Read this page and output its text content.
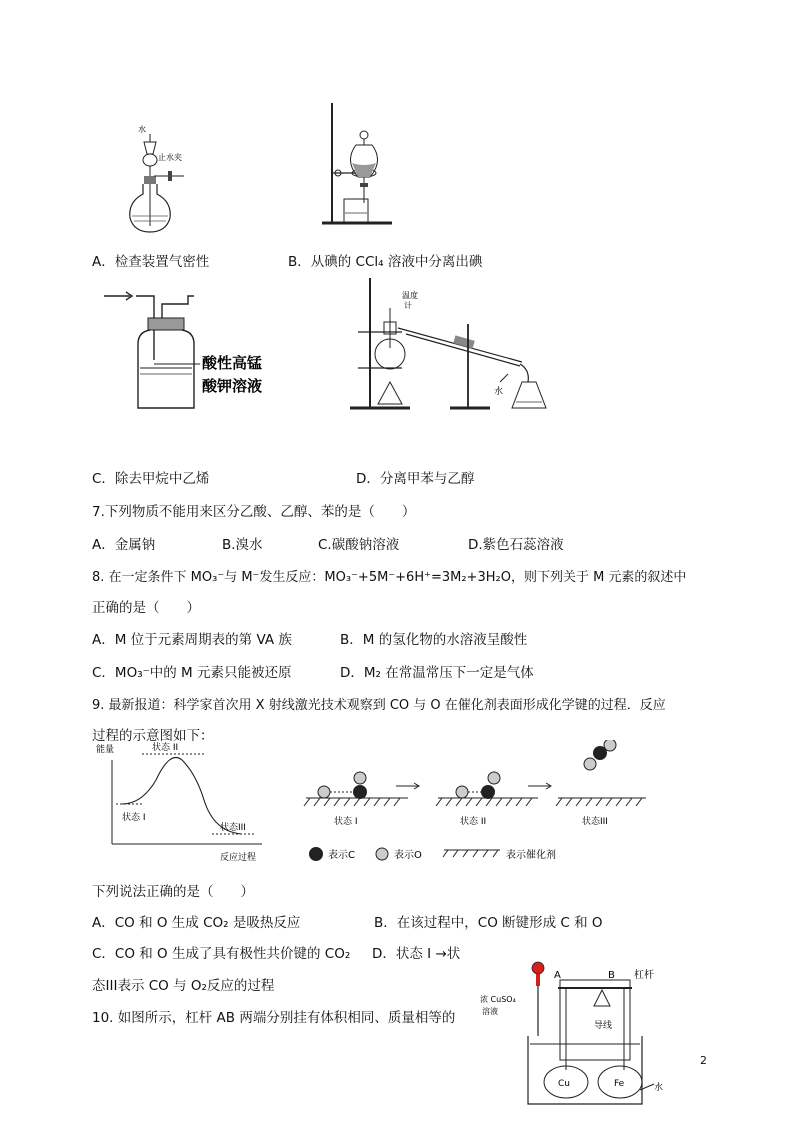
水
止水夹
A．检查装置气密性	B．从碘的 CCl₄ 溶液中分离出碘
酸性高锰
酸钾溶液
温度
计
水
C．除去甲烷中乙烯	D．分离甲苯与乙醇
7.下列物质不能用来区分乙酸、乙醇、苯的是（　　）
A．金属钠	B.溴水	C.碳酸钠溶液	D.紫色石蕊溶液
8. 在一定条件下 MO₃⁻与 M⁻发生反应：MO₃⁻+5M⁻+6H⁺=3M₂+3H₂O，则下列关于 M 元素的叙述中
正确的是（　　）
A．M 位于元素周期表的第 VA 族	B．M 的氢化物的水溶液呈酸性
C．MO₃⁻中的 M 元素只能被还原	D．M₂ 在常温常压下一定是气体
9. 最新报道：科学家首次用 X 射线激光技术观察到 CO 与 O 在催化剂表面形成化学键的过程．反应
过程的示意图如下：
能量	状态 II
状态 I
状态III
反应过程
状态 I	状态 II	状态III
表示C	表示O	表示催化剂
下列说法正确的是（　　）
A．CO 和 O 生成 CO₂ 是吸热反应	B．在该过程中，CO 断键形成 C 和 O
C．CO 和 O 生成了具有极性共价键的 CO₂ D．状态 I →状
态III表示 CO 与 O₂反应的过程
10. 如图所示，杠杆 AB 两端分别挂有体积相同、质量相等的
浓 CuSO₄
溶液
A	B 杠杆
导线
Cu	Fe	水
2
